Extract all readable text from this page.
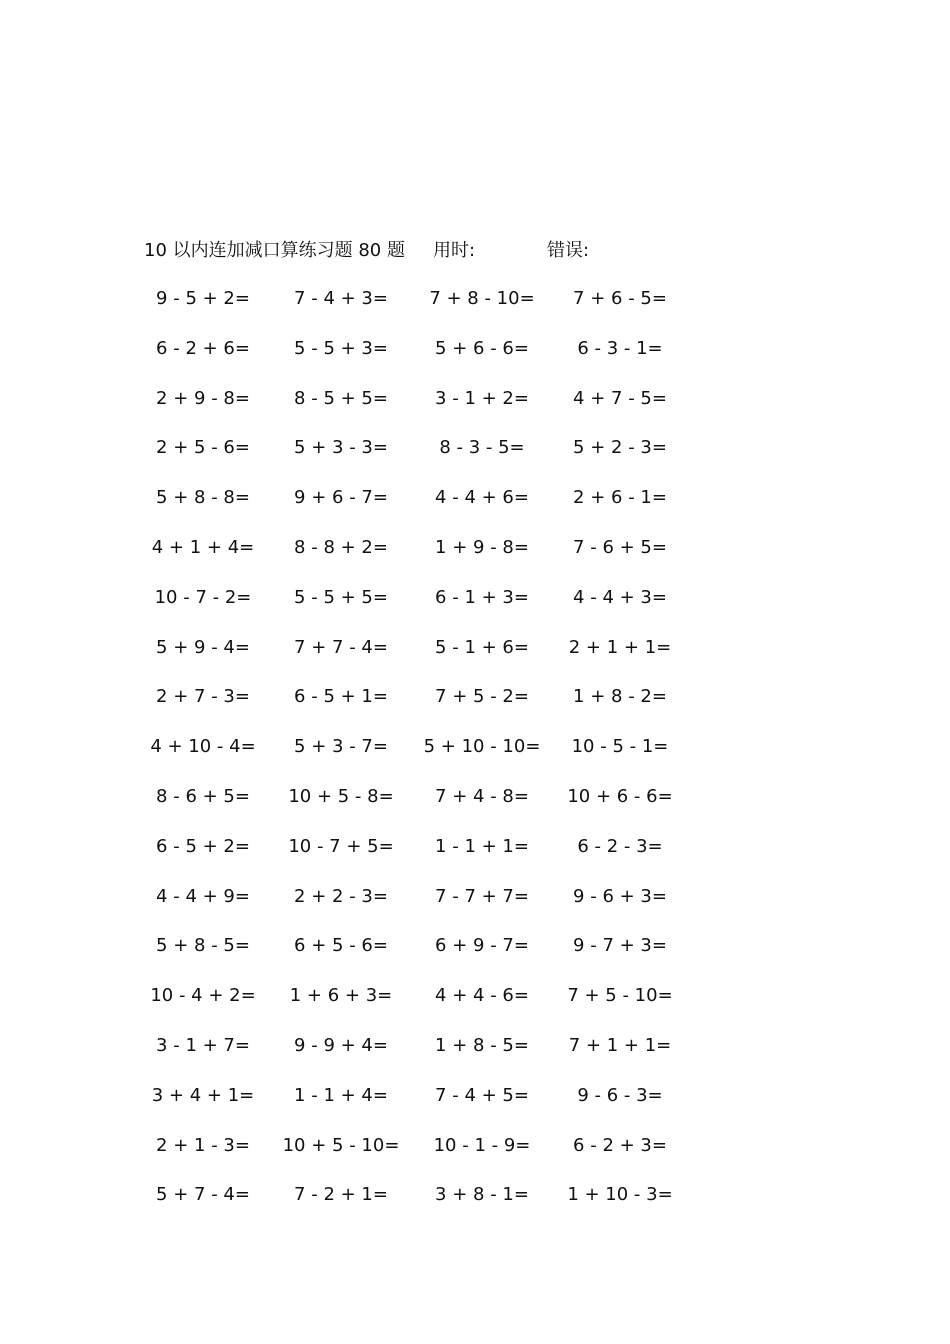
10 以内连加减口算练习题 80 题 用时:	错误:
9 - 5 + 2=	7 - 4 + 3=	7 + 8 - 10=	7 + 6 - 5=
6 - 2 + 6=	5 - 5 + 3=	5 + 6 - 6=	6 - 3 - 1=
2 + 9 - 8=	8 - 5 + 5=	3 - 1 + 2=	4 + 7 - 5=
2 + 5 - 6=	5 + 3 - 3=	8 - 3 - 5=	5 + 2 - 3=
5 + 8 - 8=	9 + 6 - 7=	4 - 4 + 6=	2 + 6 - 1=
4 + 1 + 4=	8 - 8 + 2=	1 + 9 - 8=	7 - 6 + 5=
10 - 7 - 2=	5 - 5 + 5=	6 - 1 + 3=	4 - 4 + 3=
5 + 9 - 4=	7 + 7 - 4=	5 - 1 + 6=	2 + 1 + 1=
2 + 7 - 3=	6 - 5 + 1=	7 + 5 - 2=	1 + 8 - 2=
4 + 10 - 4=	5 + 3 - 7=	5 + 10 - 10=	10 - 5 - 1=
8 - 6 + 5=	10 + 5 - 8=	7 + 4 - 8=	10 + 6 - 6=
6 - 5 + 2=	10 - 7 + 5=	1 - 1 + 1=	6 - 2 - 3=
4 - 4 + 9=	2 + 2 - 3=	7 - 7 + 7=	9 - 6 + 3=
5 + 8 - 5=	6 + 5 - 6=	6 + 9 - 7=	9 - 7 + 3=
10 - 4 + 2=	1 + 6 + 3=	4 + 4 - 6=	7 + 5 - 10=
3 - 1 + 7=	9 - 9 + 4=	1 + 8 - 5=	7 + 1 + 1=
3 + 4 + 1=	1 - 1 + 4=	7 - 4 + 5=	9 - 6 - 3=
2 + 1 - 3=	10 + 5 - 10=	10 - 1 - 9=	6 - 2 + 3=
5 + 7 - 4=	7 - 2 + 1=	3 + 8 - 1=	1 + 10 - 3=
